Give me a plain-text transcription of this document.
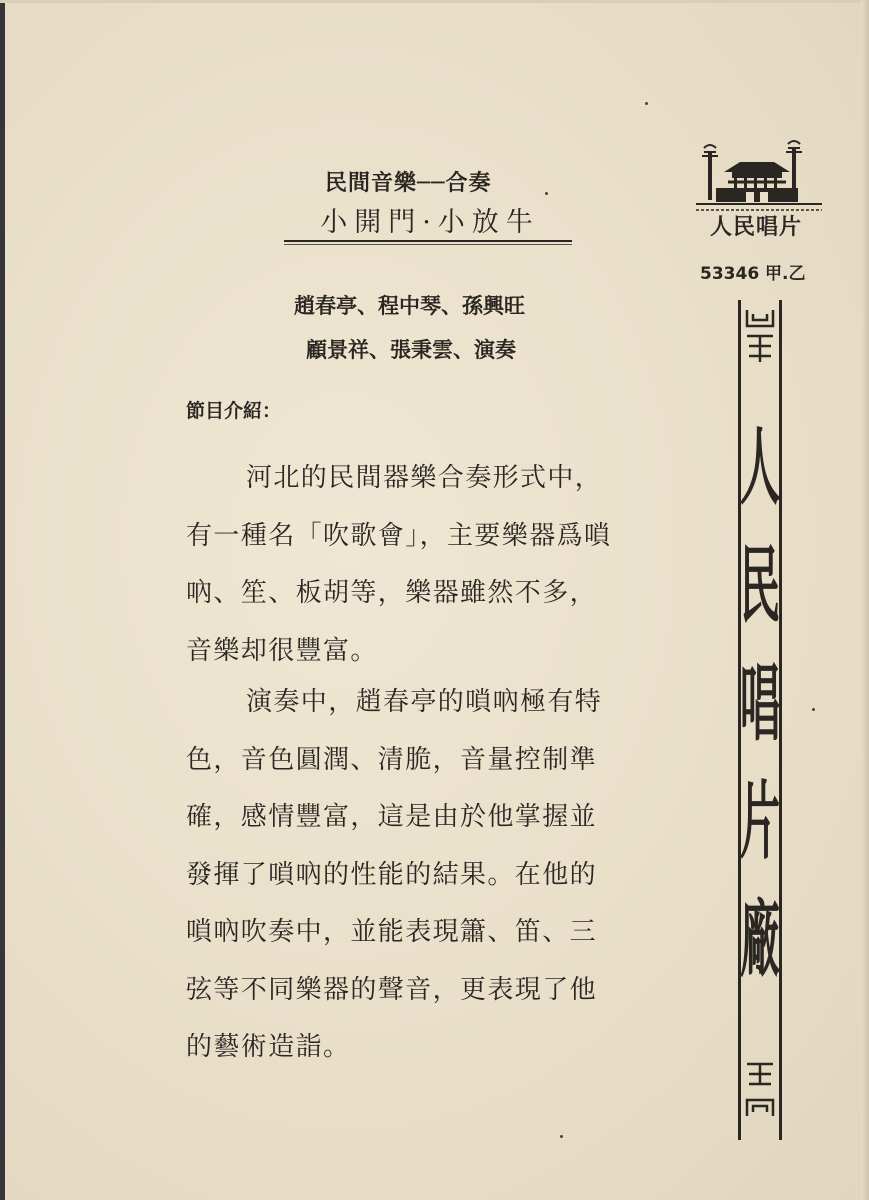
民間音樂──合奏
小開門·小放牛
趙春亭、程中琴、孫興旺
顧景祥、張秉雲、演奏
節目介紹：
河北的民間器樂合奏形式中，
有一種名「吹歌會」，主要樂器爲嗩
吶、笙、板胡等，樂器雖然不多，
音樂却很豐富。
演奏中，趙春亭的嗩吶極有特
色，音色圓潤、清脆，音量控制準
確，感情豐富，這是由於他掌握並
發揮了嗩吶的性能的結果。在他的
嗩吶吹奏中，並能表現簫、笛、三
弦等不同樂器的聲音，更表現了他
的藝術造詣。
人民唱片
53346 甲.乙
人
民
唱
片
廠
